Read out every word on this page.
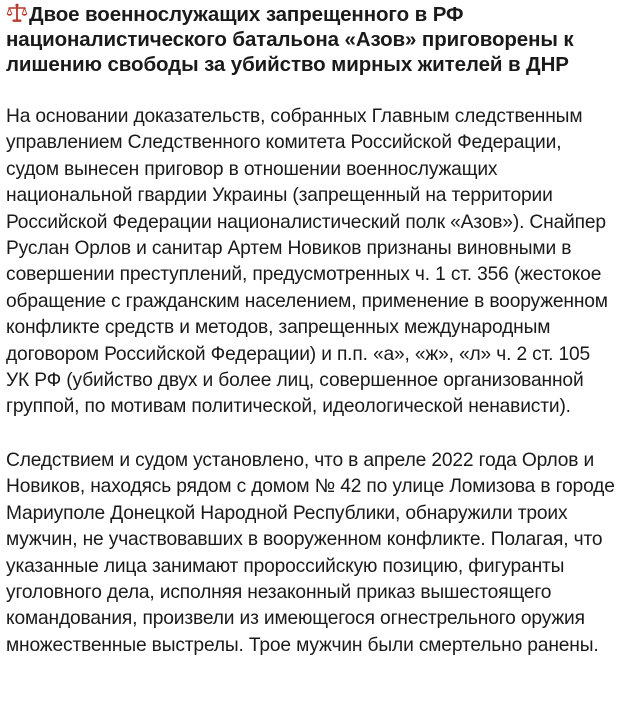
Двое военнослужащих запрещенного в РФ националистического батальона «Азов» приговорены к лишению свободы за убийство мирных жителей в ДНР

На основании доказательств, собранных Главным следственным управлением Следственного комитета Российской Федерации, судом вынесен приговор в отношении военнослужащих национальной гвардии Украины (запрещенный на территории Российской Федерации националистический полк «Азов»). Снайпер Руслан Орлов и санитар Артем Новиков признаны виновными в совершении преступлений, предусмотренных ч. 1 ст. 356 (жестокое обращение с гражданским населением, применение в вооруженном конфликте средств и методов, запрещенных международным договором Российской Федерации) и п.п. «а», «ж», «л» ч. 2 ст. 105 УК РФ (убийство двух и более лиц, совершенное организованной группой, по мотивам политической, идеологической ненависти).

Следствием и судом установлено, что в апреле 2022 года Орлов и Новиков, находясь рядом с домом № 42 по улице Ломизова в городе Мариуполе Донецкой Народной Республики, обнаружили троих мужчин, не участвовавших в вооруженном конфликте. Полагая, что указанные лица занимают пророссийскую позицию, фигуранты уголовного дела, исполняя незаконный приказ вышестоящего командования, произвели из имеющегося огнестрельного оружия множественные выстрелы. Трое мужчин были смертельно ранены.
